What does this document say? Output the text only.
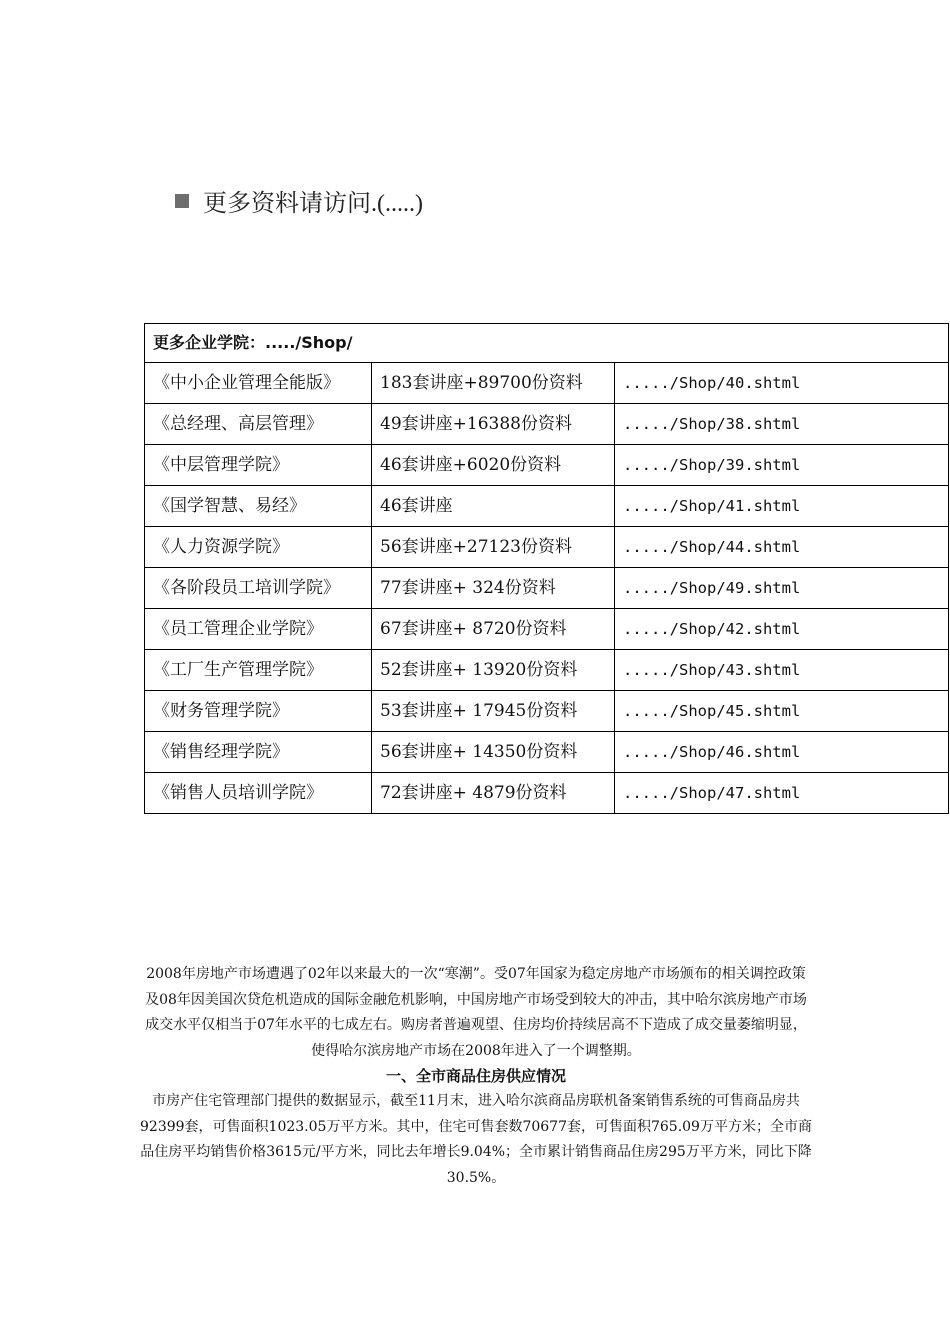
更多资料请访问.(.....)
更多企业学院：...../Shop/		
《中小企业管理全能版》	183套讲座+89700份资料	...../Shop/40.shtml
《总经理、高层管理》	49套讲座+16388份资料	...../Shop/38.shtml
《中层管理学院》	46套讲座+6020份资料	...../Shop/39.shtml
《国学智慧、易经》	46套讲座	...../Shop/41.shtml
《人力资源学院》	56套讲座+27123份资料	...../Shop/44.shtml
《各阶段员工培训学院》	77套讲座+ 324份资料	...../Shop/49.shtml
《员工管理企业学院》	67套讲座+ 8720份资料	...../Shop/42.shtml
《工厂生产管理学院》	52套讲座+ 13920份资料	...../Shop/43.shtml
《财务管理学院》	53套讲座+ 17945份资料	...../Shop/45.shtml
《销售经理学院》	56套讲座+ 14350份资料	...../Shop/46.shtml
《销售人员培训学院》	72套讲座+ 4879份资料	...../Shop/47.shtml

2008年房地产市场遭遇了02年以来最大的一次“寒潮”。受07年国家为稳定房地产市场颁布的相关调控政策及08年因美国次贷危机造成的国际金融危机影响，中国房地产市场受到较大的冲击，其中哈尔滨房地产市场成交水平仅相当于07年水平的七成左右。购房者普遍观望、住房均价持续居高不下造成了成交量萎缩明显，使得哈尔滨房地产市场在2008年进入了一个调整期。

一、全市商品住房供应情况

市房产住宅管理部门提供的数据显示，截至11月末，进入哈尔滨商品房联机备案销售系统的可售商品房共92399套，可售面积1023.05万平方米。其中，住宅可售套数70677套，可售面积765.09万平方米；全市商品住房平均销售价格3615元/平方米，同比去年增长9.04%；全市累计销售商品住房295万平方米，同比下降30.5%。
